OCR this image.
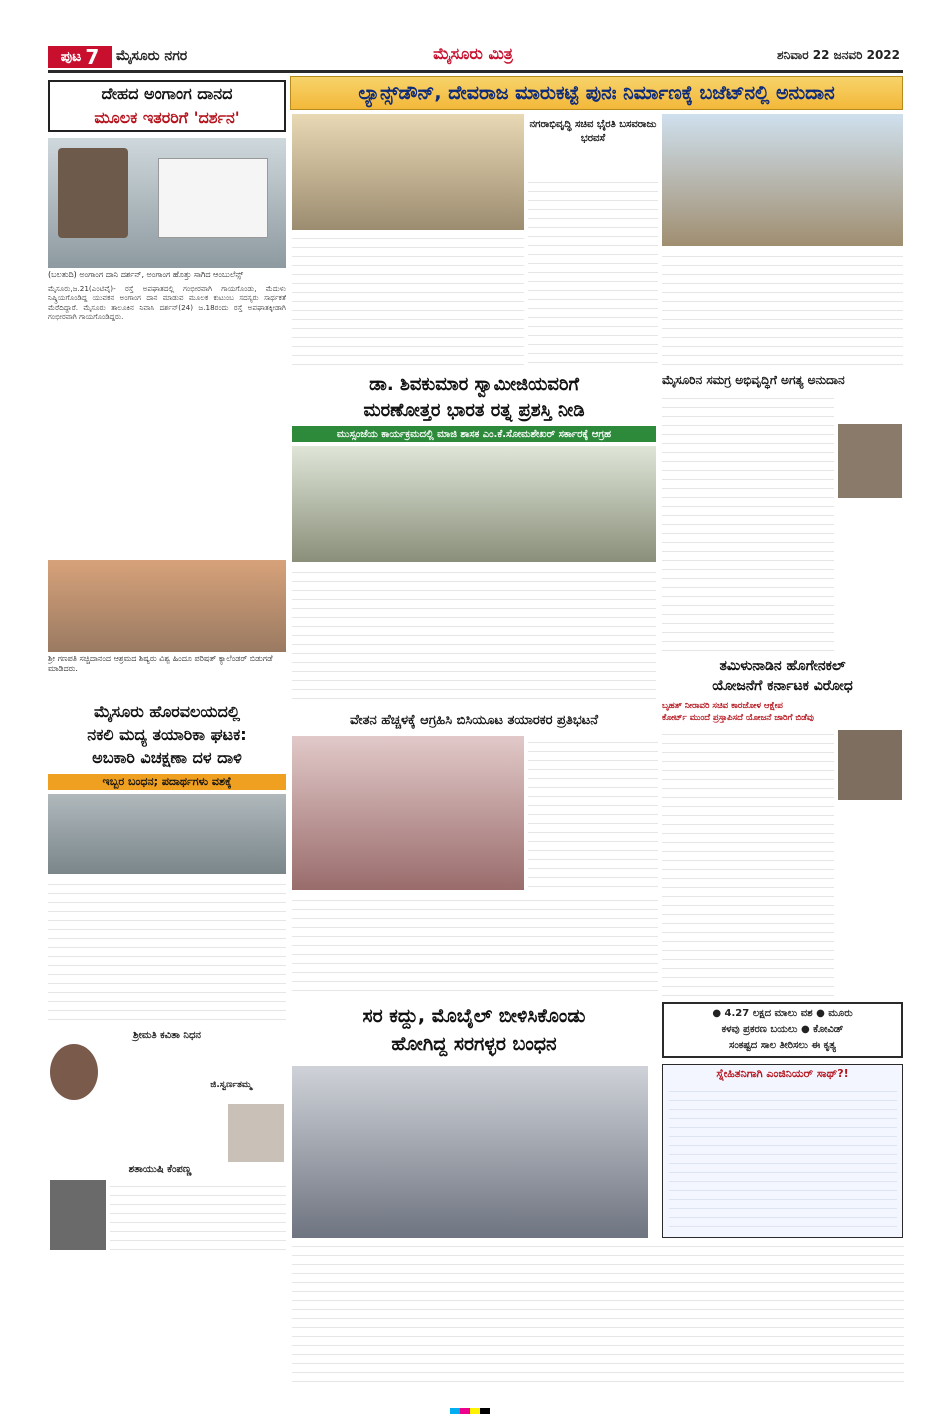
ಪುಟ 7 ಮೈಸೂರು ನಗರ	ಮೈಸೂರು ಮಿತ್ರ	ಶನಿವಾರ 22 ಜನವರಿ 2022
ದೇಹದ ಅಂಗಾಂಗ ದಾನದ
ಮೂಲಕ ಇತರರಿಗೆ 'ದರ್ಶನ'
(ಬಲತುದಿ) ಅಂಗಾಂಗ ದಾನಿ ದರ್ಶನ್, ಅಂಗಾಂಗ ಹೊತ್ತು ಸಾಗಿದ ಆಂಬುಲೆನ್ಸ್
ಮೈಸೂರು,ಜ.21(ಎಂಟಿವೈ)- ರಸ್ತೆ ಅಪಘಾತದಲ್ಲಿ ಗಂಭೀರವಾಗಿ ಗಾಯಗೊಂಡು, ಮೆದುಳು ನಿಷ್ಕ್ರಿಯಗೊಂಡಿದ್ದ ಯುವಕನ ಅಂಗಾಂಗ ದಾನ ಮಾಡುವ ಮೂಲಕ ಕುಟುಂಬ ಸದಸ್ಯರು ಸಾರ್ಥಕತೆ ಮೆರೆದಿದ್ದಾರೆ. ಮೈಸೂರು ತಾಲೂಕಿನ ನಿವಾಸಿ ದರ್ಶನ್(24) ಜ.18ರಂದು ರಸ್ತೆ ಅಪಘಾತಕ್ಕೀಡಾಗಿ ಗಂಭೀರವಾಗಿ ಗಾಯಗೊಂಡಿದ್ದರು.
ಶ್ರೀ ಗಣಪತಿ ಸಚ್ಚಿದಾನಂದ ಆಶ್ರಮದ ಶಿಷ್ಯರು ವಿಶ್ವ ಹಿಂದೂ ಪರಿಷತ್ ಕ್ಯಾಲೆಂಡರ್ ಬಿಡುಗಡೆ ಮಾಡಿದರು.
ಮೈಸೂರು ಹೊರವಲಯದಲ್ಲಿ
ನಕಲಿ ಮದ್ಯ ತಯಾರಿಕಾ ಘಟಕ:
ಅಬಕಾರಿ ವಿಚಕ್ಷಣಾ ದಳ ದಾಳಿ
ಇಬ್ಬರ ಬಂಧನ; ಪದಾರ್ಥಗಳು ವಶಕ್ಕೆ
ಶ್ರೀಮತಿ ಕವಿತಾ ನಿಧನ
ಜಿ.ಸ್ವರ್ಣತಮ್ಮ
ಶತಾಯುಷಿ ಕೆಂಪಣ್ಣ
ಲ್ಯಾನ್ಸ್‌ಡೌನ್, ದೇವರಾಜ ಮಾರುಕಟ್ಟೆ ಪುನಃ ನಿರ್ಮಾಣಕ್ಕೆ ಬಜೆಟ್‌ನಲ್ಲಿ ಅನುದಾನ
ನಗರಾಭಿವೃದ್ಧಿ ಸಚಿವ ಭೈರತಿ ಬಸವರಾಜು ಭರವಸೆ
ಡಾ. ಶಿವಕುಮಾರ ಸ್ವಾಮೀಜಿಯವರಿಗೆ
ಮರಣೋತ್ತರ ಭಾರತ ರತ್ನ ಪ್ರಶಸ್ತಿ ನೀಡಿ
ಮುಸ್ಸಂಜೆಯ ಕಾರ್ಯಕ್ರಮದಲ್ಲಿ ಮಾಜಿ ಶಾಸಕ ಎಂ.ಕೆ.ಸೋಮಶೇಖರ್ ಸರ್ಕಾರಕ್ಕೆ ಆಗ್ರಹ
ಮೈಸೂರಿನ ಸಮಗ್ರ ಅಭಿವೃದ್ಧಿಗೆ ಅಗತ್ಯ ಅನುದಾನ
ತಮಿಳುನಾಡಿನ ಹೊಗೇನಕಲ್
ಯೋಜನೆಗೆ ಕರ್ನಾಟಕ ವಿರೋಧ
ಬೃಹತ್ ನೀರಾವರಿ ಸಚಿವ ಕಾರಜೋಳ ಆಕ್ಷೇಪ
ಕೋರ್ಟ್ ಮುಂದೆ ಪ್ರಸ್ತಾಪಿಸದೆ ಯೋಜನೆ ಜಾರಿಗೆ ಬಿಡೆವು
ವೇತನ ಹೆಚ್ಚಳಕ್ಕೆ ಆಗ್ರಹಿಸಿ ಬಿಸಿಯೂಟ ತಯಾರಕರ ಪ್ರತಿಭಟನೆ
ಸರ ಕದ್ದು, ಮೊಬೈಲ್ ಬೀಳಿಸಿಕೊಂಡು
ಹೋಗಿದ್ದ ಸರಗಳ್ಳರ ಬಂಧನ
● 4.27 ಲಕ್ಷದ ಮಾಲು ವಶ ● ಮೂರು
ಕಳವು ಪ್ರಕರಣ ಬಯಲು ● ಕೋವಿಡ್
ಸಂಕಷ್ಟದ ಸಾಲ ತೀರಿಸಲು ಈ ಕೃತ್ಯ
ಸ್ನೇಹಿತನಿಗಾಗಿ ಎಂಜಿನಿಯರ್ ಸಾಥ್?!
